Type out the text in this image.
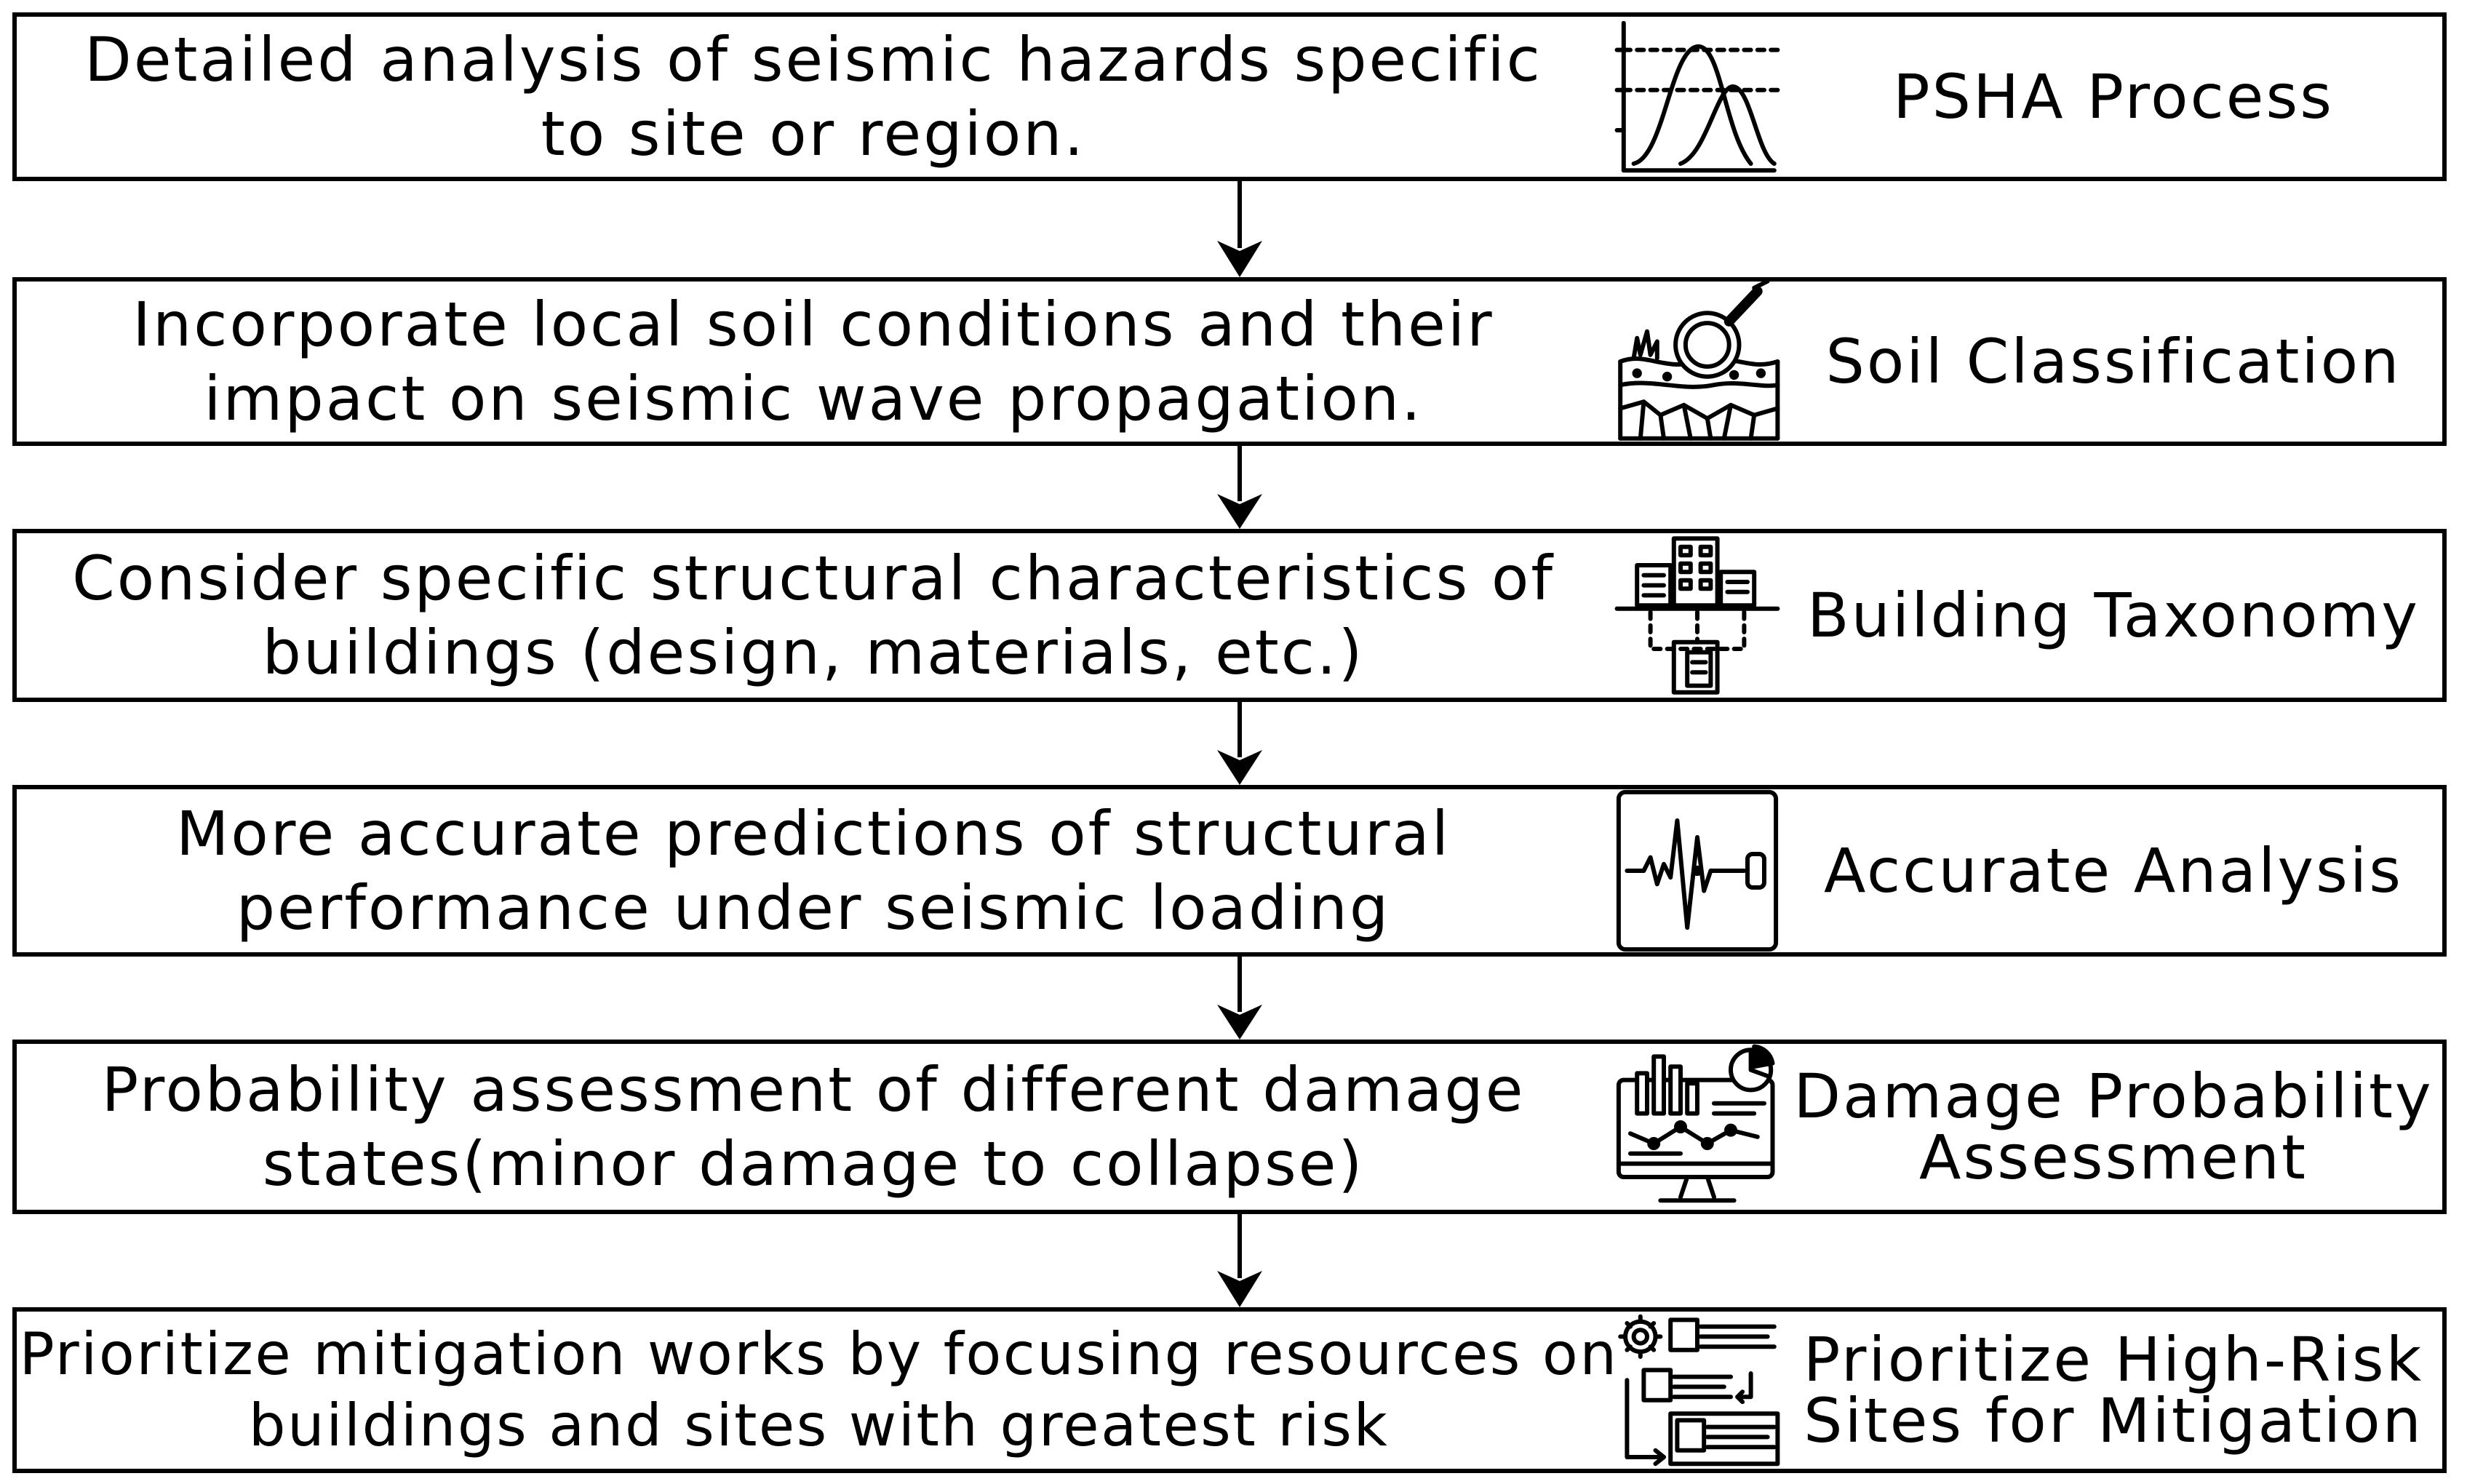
Detailed analysis of seismic hazards specific
to site or region.
PSHA Process
Incorporate local soil conditions and their
impact on seismic wave propagation.
Soil Classification
Consider specific structural characteristics of
buildings (design, materials, etc.)
Building Taxonomy
More accurate predictions of structural
performance under seismic loading
Accurate Analysis
Probability assessment of different damage
states(minor damage to collapse)
Damage Probability
Assessment
Prioritize mitigation works by focusing resources on
buildings and sites with greatest risk
Prioritize High-Risk
Sites for Mitigation
